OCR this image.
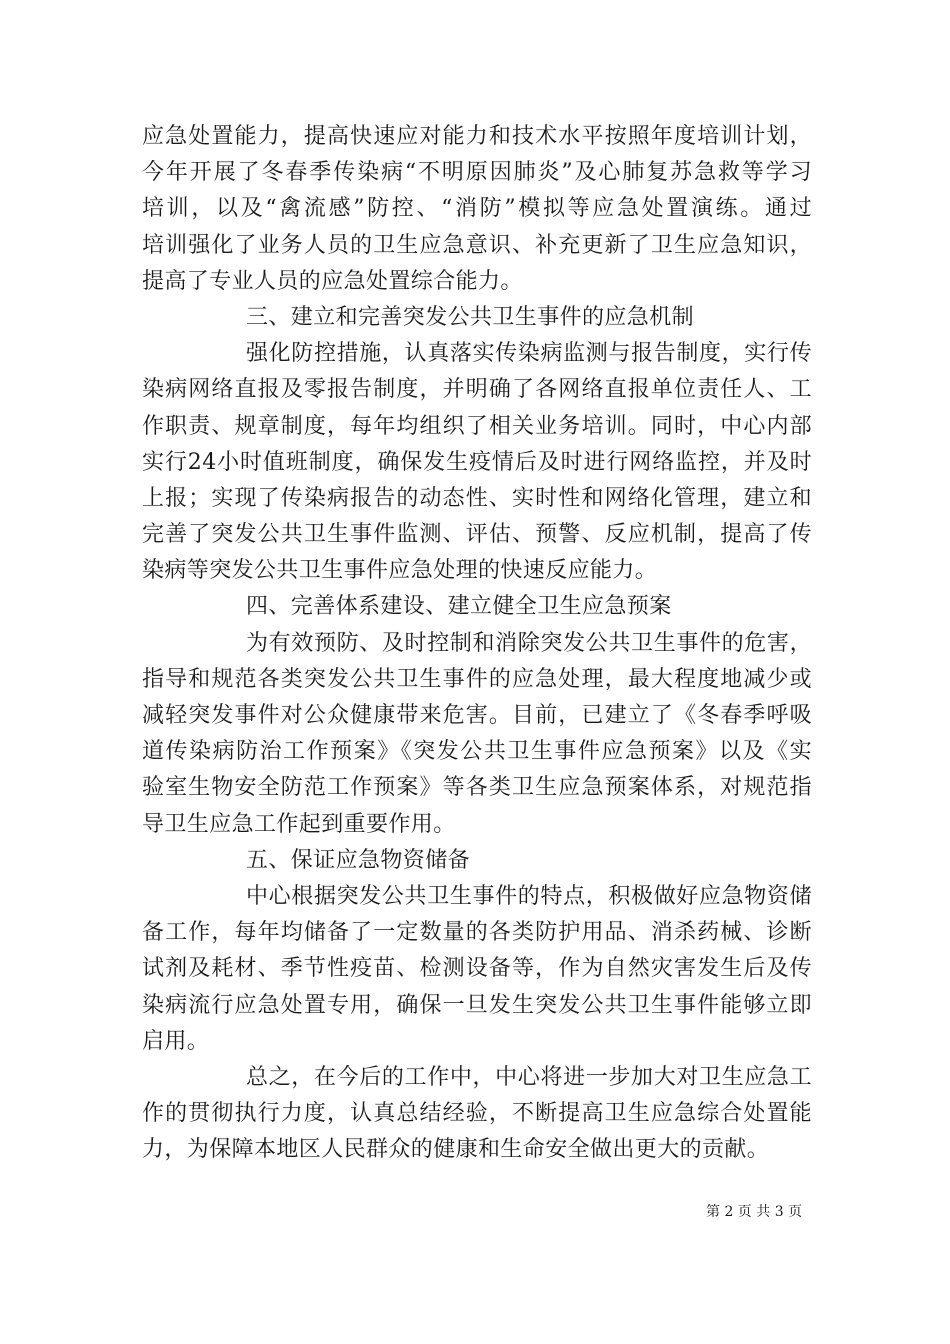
应急处置能力，提高快速应对能力和技术水平按照年度培训计划，
今年开展了冬春季传染病“不明原因肺炎”及心肺复苏急救等学习
培训，以及“禽流感”防控、“消防”模拟等应急处置演练。通过
培训强化了业务人员的卫生应急意识、补充更新了卫生应急知识，
提高了专业人员的应急处置综合能力。
三、建立和完善突发公共卫生事件的应急机制
强化防控措施，认真落实传染病监测与报告制度，实行传
染病网络直报及零报告制度，并明确了各网络直报单位责任人、工
作职责、规章制度，每年均组织了相关业务培训。同时，中心内部
实行24小时值班制度，确保发生疫情后及时进行网络监控，并及时
上报；实现了传染病报告的动态性、实时性和网络化管理，建立和
完善了突发公共卫生事件监测、评估、预警、反应机制，提高了传
染病等突发公共卫生事件应急处理的快速反应能力。
四、完善体系建设、建立健全卫生应急预案
为有效预防、及时控制和消除突发公共卫生事件的危害，
指导和规范各类突发公共卫生事件的应急处理，最大程度地减少或
减轻突发事件对公众健康带来危害。目前，已建立了《冬春季呼吸
道传染病防治工作预案》《突发公共卫生事件应急预案》以及《实
验室生物安全防范工作预案》等各类卫生应急预案体系，对规范指
导卫生应急工作起到重要作用。
五、保证应急物资储备
中心根据突发公共卫生事件的特点，积极做好应急物资储
备工作，每年均储备了一定数量的各类防护用品、消杀药械、诊断
试剂及耗材、季节性疫苗、检测设备等，作为自然灾害发生后及传
染病流行应急处置专用，确保一旦发生突发公共卫生事件能够立即
启用。
总之，在今后的工作中，中心将进一步加大对卫生应急工
作的贯彻执行力度，认真总结经验，不断提高卫生应急综合处置能
力，为保障本地区人民群众的健康和生命安全做出更大的贡献。
第 2 页 共 3 页
